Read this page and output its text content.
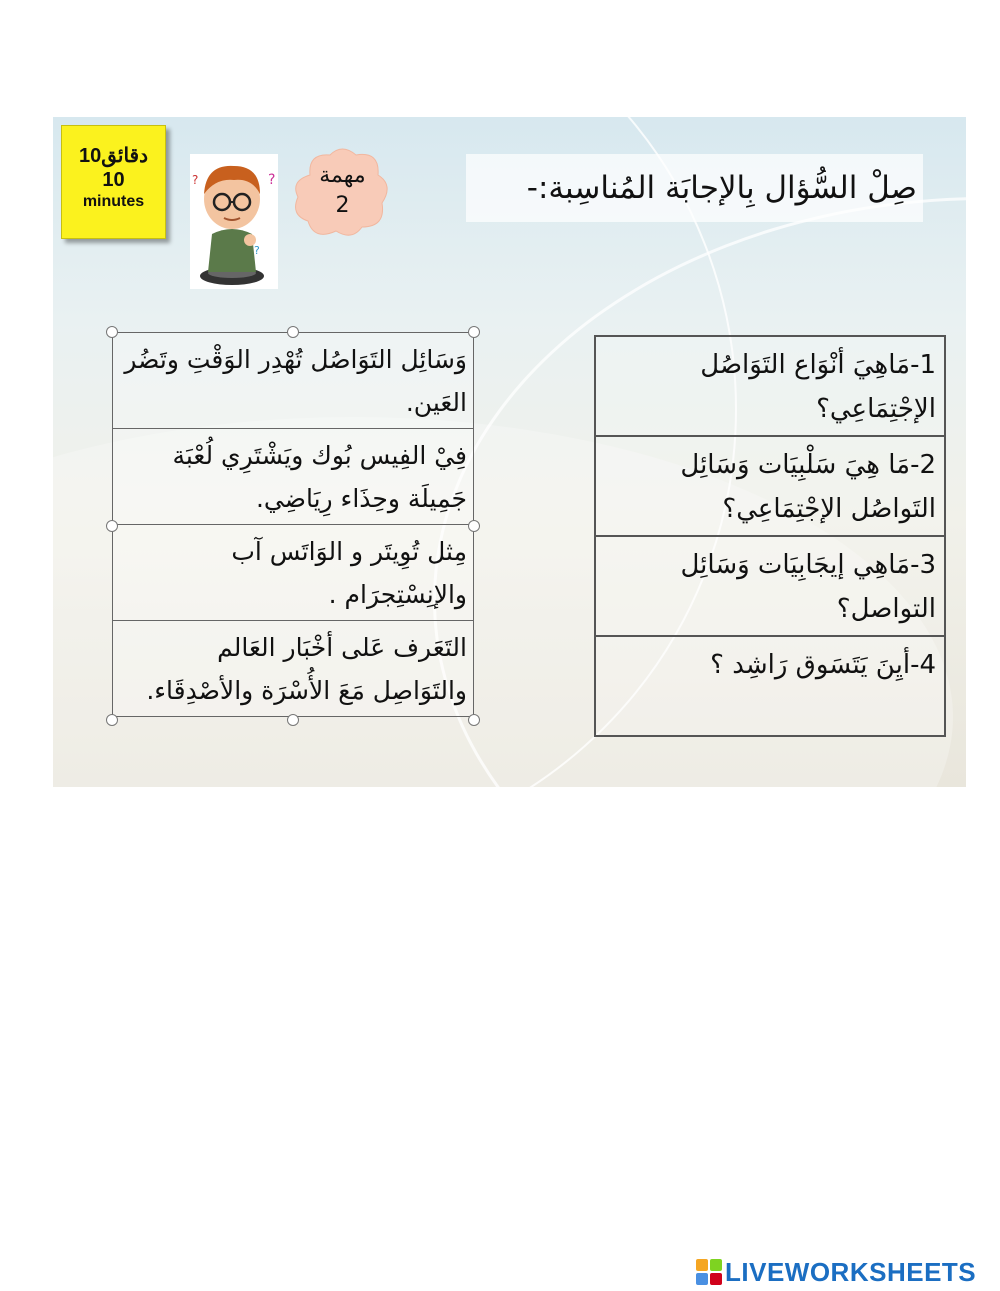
دقائق10
10
minutes
?
?
?
مهمة
2	صِلْ السُّؤال بِالإجابَة المُناسِبة:-
1-مَاهِيَ أنْوَاع التَوَاصُل الإجْتِمَاعِي؟
2-مَا هِيَ سَلْبِيَات وَسَائِل التَواصُل الإجْتِمَاعِي؟
3-مَاهِي إيجَابِيَات وَسَائِل التواصل؟
4-أيِنَ يَتَسَوق رَاشِد ؟
وَسَائِل التَوَاصُل تُهْدِر الوَقْتِ وتَضُر العَين.
فِيْ الفِيس بُوك ويَشْتَرِي لُعْبَة جَمِيلَة وحِذَاء رِيَاضِي.
مِثل تُوِيتَر و الوَاتَس آب والإنِسْتِجرَام .
التَعَرف عَلى أخْبَار العَالم والتَوَاصِل مَعَ الأُسْرَة والأصْدِقَاء.
LIVEWORKSHEETS
